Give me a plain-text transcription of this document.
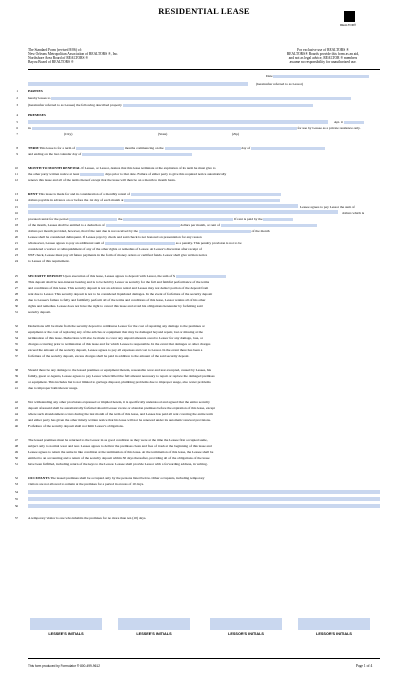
RESIDENTIAL LEASE
REALTOR®
The Standard Form (revised 8/06) of:
New Orleans Metropolitan Association of REALTORS ®, Inc.
Northshore Area Board of REALTORS ®
Bayou Board of REALTORS ®
For exclusive use of REALTORS ®
REALTORS® Boards provide this form as an aid,
and not as legal advice, REALTOR ® members
assume no responsibility for unauthorized use.
Date
(hereinafter referred to as Lessor)
1
2
3
4
5
6
7
8
9
10
11
12
13
14
15
16
17
18
19
20
21
22
23
24
25
26
27
28
29
30
31
32
33
34
35
36
37
38
39
40
41
42
43
44
45
46
47
48
49
50
51
52
53
54
55
56
57
PARTIES
hereby leases to
(hereinafter referred to as Lessee) the following described property
PREMISES
Apt. #
in	for use by Lessee as a private residence only.
(City)	(State)	(Zip)
TERM This lease is for a term of	months commencing on the	day of
and ending on the last calendar day of
MONTH TO MONTH RENEWAL If Lessee, or Lessor, desires that this lease terminate at the expiration of its term he must give to
the other party written notice at least	days prior to that date. Failure of either party to give this required notice automatically
renews this lease and all of the terms thereof except that the lease will then be on a month to month basis.
RENT This lease is made for and in consideration of a monthly rental of
dollars payable in advance on or before the 1st day of each month at
Lessee agrees to pay Lessor the sum of
dollars which is
prorated rental for the period	the	If rent is paid by the
of the month, Lessee shall be entitled to a deduction of	dollars per month, or rent of
dollars per month provided, however, that if the rent due is not received by the	of the month
Lessee shall be considered delinquent. If Lessee pays by check and said check is not honored on presentation for any reason
whatsoever, Lessee agrees to pay an additional sum of	as a penalty. This penalty provision is not to be
considered a waiver or relinquishment of any of the other rights or remedies of Lessor. At Lessor's discretion after receipt of
NSF check, Lessee must pay all future payments in the form of money orders or certified funds. Lessor shall give written notice
to Lessee of this requirement.
SECURITY DEPOSIT Upon execution of this lease, Lessee agrees to deposit with Lessor, the sum of $
This deposit shall be non-interest bearing and is to be held by Lessor as security for the full and faithful performance of the terms
and conditions of this lease. This security deposit is not an advance rental and Lessee may not deduct portion of the deposit from
rent due to Lessor. This security deposit is not to be considered liquidated damages. In the event of forfeiture of the security deposit
due to Lessee's failure to fully and faithfully perform all of the terms and conditions of this lease, Lessor retains all of his other
rights and remedies. Lessee does not have the right to cancel this lease and avoid his obligations hereunder by forfeiting said
security deposit.
Deductions will be made from the security deposit to reimburse Lessor for the cost of repairing any damage to the premises or
equipment or the cost of replacing any of the articles or equipment that may be damaged beyond repair, lost or missing at the
termination of this lease. Deductions will also be made to cover any unpaid amounts owed to Lessor for any damage, loss, or
charges occurring prior to termination of this lease and for which Lessee is responsible. In the event that damages or other charges
exceed the amount of the security deposit, Lessee agrees to pay all expenses and cost to Lessor. In the event there has been a
forfeiture of the security deposit, excess charges shall be paid in addition to the amount of the said security deposit.
Should there be any damage to the leased premises or equipment therein, reasonable wear and tear excepted, caused by Lessee, his
family, guest or Agents, Lessee agrees to pay Lessor when billed the full amount necessary to repair or replace the damaged premises
or equipment. This includes but is not limited to garbage disposal, plumbing problems due to improper usage, also water problems
due to improper bath/shower usage.
Not withstanding any other provisions expressed or implied herein, it is specifically understood and agreed that the entire security
deposit aforesaid shall be automatically forfeited should Lessee vacate or abandon premises before the expiration of this lease, except
where such abandonment occurs during the last month of the term of this lease, and Lessee has paid all rent covering the entire term
and either party has given the other timely written notice that his lease will not be renewed under its automatic renewal provisions.
Forfeiture of the security deposit shall not limit Lessor's obligations.
The leased premises must be returned to the Lessor in as good condition as they were at the time the Lessee first occupied same,
subject only to normal wear and tear. Lessee agrees to deliver the premises clean and free of trash at the beginning of this lease and
Lessee agrees to return the same in like condition at the termination of this lease. At the termination of this lease, the Lessee shall be
entitled to an accounting and a return of the security deposit within 30 days thereafter, providing all of the obligations of the lease
have been fulfilled, including return of the keys to the Lessor. Lessee shall provide Lessor with a forwarding address, in writing.
OCCUPANTS The leased premises shall be occupied only by the persons listed below. Other occupants, including temporary
visitors are not allowed to remain at the premises for a period in excess of 10 days.
A temporary visitor is one who inhabits the premises for no more than ten (10) days.
LESSEE'S INITIALS	LESSEE'S INITIALS	LESSOR'S INITIALS	LESSOR'S INITIALS
This form produced by Formulator ® 800-499-9612	Page 1 of 4
